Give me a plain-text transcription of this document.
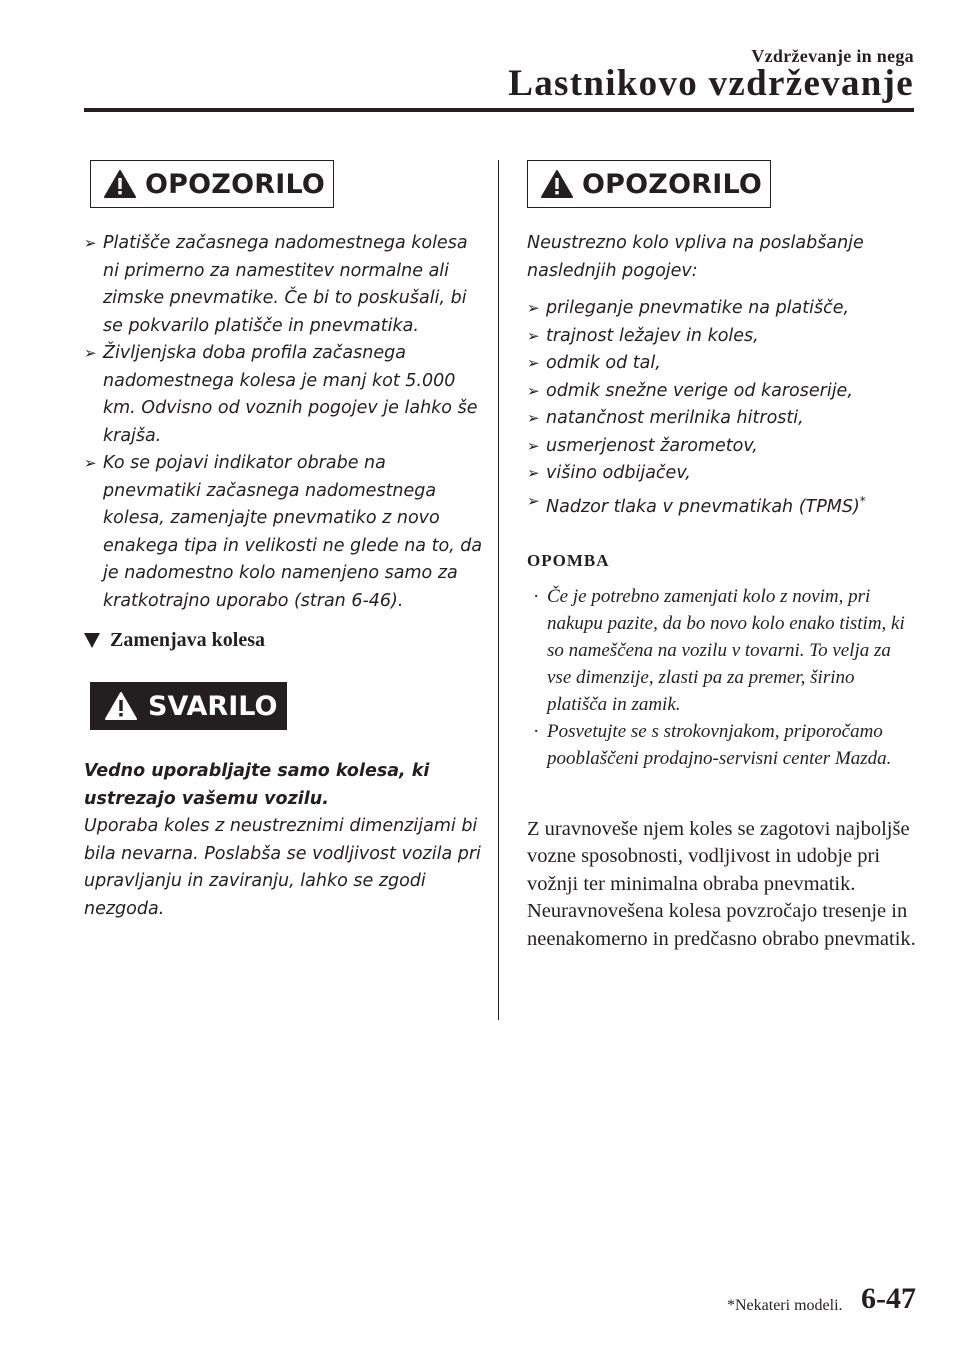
Vzdrževanje in nega
Lastnikovo vzdrževanje
OPOZORILO
➢ Platišče začasnega nadomestnega kolesa ni primerno za namestitev normalne ali zimske pnevmatike. Če bi to poskušali, bi se pokvarilo platišče in pnevmatika.
➢ Življenjska doba profila začasnega nadomestnega kolesa je manj kot 5.000 km. Odvisno od voznih pogojev je lahko še krajša.
➢ Ko se pojavi indikator obrabe na pnevmatiki začasnega nadomestnega kolesa, zamenjajte pnevmatiko z novo enakega tipa in velikosti ne glede na to, da je nadomestno kolo namenjeno samo za kratkotrajno uporabo (stran 6-46).
Zamenjava kolesa
SVARILO

Vedno uporabljajte samo kolesa, ki ustrezajo vašemu vozilu.

Uporaba koles z neustreznimi dimenzijami bi bila nevarna. Poslabša se vodljivost vozila pri upravljanju in zaviranju, lahko se zgodi nezgoda.

OPOZORILO

Neustrezno kolo vpliva na poslabšanje naslednjih pogojev:

➢ prileganje pnevmatike na platišče,
➢ trajnost ležajev in koles,
➢ odmik od tal,
➢ odmik snežne verige od karoserije,
➢ natančnost merilnika hitrosti,
➢ usmerjenost žarometov,
➢ višino odbijačev,
➢ Nadzor tlaka v pnevmatikah (TPMS)*
OPOMBA
· Če je potrebno zamenjati kolo z novim, pri nakupu pazite, da bo novo kolo enako tistim, ki so nameščena na vozilu v tovarni. To velja za vse dimenzije, zlasti pa za premer, širino platišča in zamik.
· Posvetujte se s strokovnjakom, priporočamo pooblaščeni prodajno-servisni center Mazda.
Z uravnoveše njem koles se zagotovi najboljše vozne sposobnosti, vodljivost in udobje pri vožnji ter minimalna obraba pnevmatik. Neuravnovešena kolesa povzročajo tresenje in neenakomerno in predčasno obrabo pnevmatik.
*Nekateri modeli. 6-47
